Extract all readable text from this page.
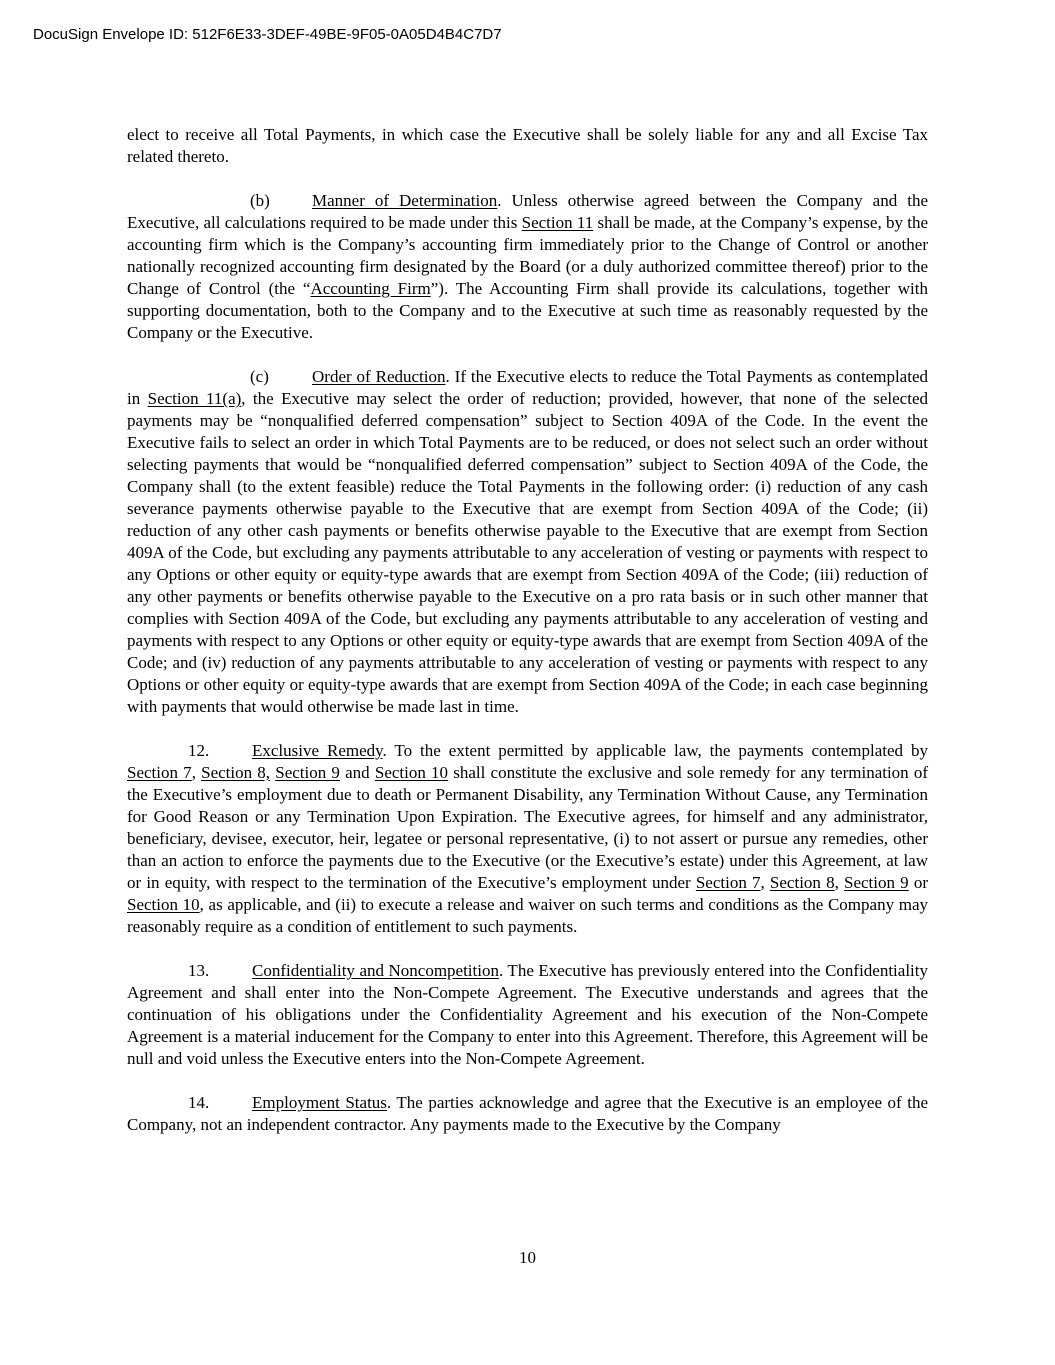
DocuSign Envelope ID: 512F6E33-3DEF-49BE-9F05-0A05D4B4C7D7

elect to receive all Total Payments, in which case the Executive shall be solely liable for any and all Excise Tax related thereto.

(b) Manner of Determination. Unless otherwise agreed between the Company and the Executive, all calculations required to be made under this Section 11 shall be made, at the Company’s expense, by the accounting firm which is the Company’s accounting firm immediately prior to the Change of Control or another nationally recognized accounting firm designated by the Board (or a duly authorized committee thereof) prior to the Change of Control (the “Accounting Firm”). The Accounting Firm shall provide its calculations, together with supporting documentation, both to the Company and to the Executive at such time as reasonably requested by the Company or the Executive.

(c)	Order of Reduction. If the Executive elects to reduce the Total Payments as contemplated in Section 11(a), the Executive may select the order of reduction; provided, however, that none of the selected payments may be “nonqualified deferred compensation” subject to Section 409A of the Code. In the event the Executive fails to select an order in which Total Payments are to be reduced, or does not select such an order without selecting payments that would be “nonqualified deferred compensation” subject to Section 409A of the Code, the Company shall (to the extent feasible) reduce the Total Payments in the following order: (i) reduction of any cash severance payments otherwise payable to the Executive that are exempt from Section 409A of the Code; (ii) reduction of any other cash payments or benefits otherwise payable to the Executive that are exempt from Section 409A of the Code, but excluding any payments attributable to any acceleration of vesting or payments with respect to any Options or other equity or equity-type awards that are exempt from Section 409A of the Code; (iii) reduction of any other payments or benefits otherwise payable to the Executive on a pro rata basis or in such other manner that complies with Section 409A of the Code, but excluding any payments attributable to any acceleration of vesting and payments with respect to any Options or other equity or equity-type awards that are exempt from Section 409A of the Code; and (iv) reduction of any payments attributable to any acceleration of vesting or payments with respect to any Options or other equity or equity-type awards that are exempt from Section 409A of the Code; in each case beginning with payments that would otherwise be made last in time.

12.	Exclusive Remedy. To the extent permitted by applicable law, the payments contemplated by Section 7, Section 8, Section 9 and Section 10 shall constitute the exclusive and sole remedy for any termination of the Executive’s employment due to death or Permanent Disability, any Termination Without Cause, any Termination for Good Reason or any Termination Upon Expiration. The Executive agrees, for himself and any administrator, beneficiary, devisee, executor, heir, legatee or personal representative, (i) to not assert or pursue any remedies, other than an action to enforce the payments due to the Executive (or the Executive’s estate) under this Agreement, at law or in equity, with respect to the termination of the Executive’s employment under Section 7, Section 8, Section 9 or Section 10, as applicable, and (ii) to execute a release and waiver on such terms and conditions as the Company may reasonably require as a condition of entitlement to such payments.

13.	Confidentiality and Noncompetition. The Executive has previously entered into the Confidentiality Agreement and shall enter into the Non-Compete Agreement. The Executive understands and agrees that the continuation of his obligations under the Confidentiality Agreement and his execution of the Non-Compete Agreement is a material inducement for the Company to enter into this Agreement. Therefore, this Agreement will be null and void unless the Executive enters into the Non-Compete Agreement.

14.	Employment Status. The parties acknowledge and agree that the Executive is an employee of the Company, not an independent contractor. Any payments made to the Executive by the Company

10
